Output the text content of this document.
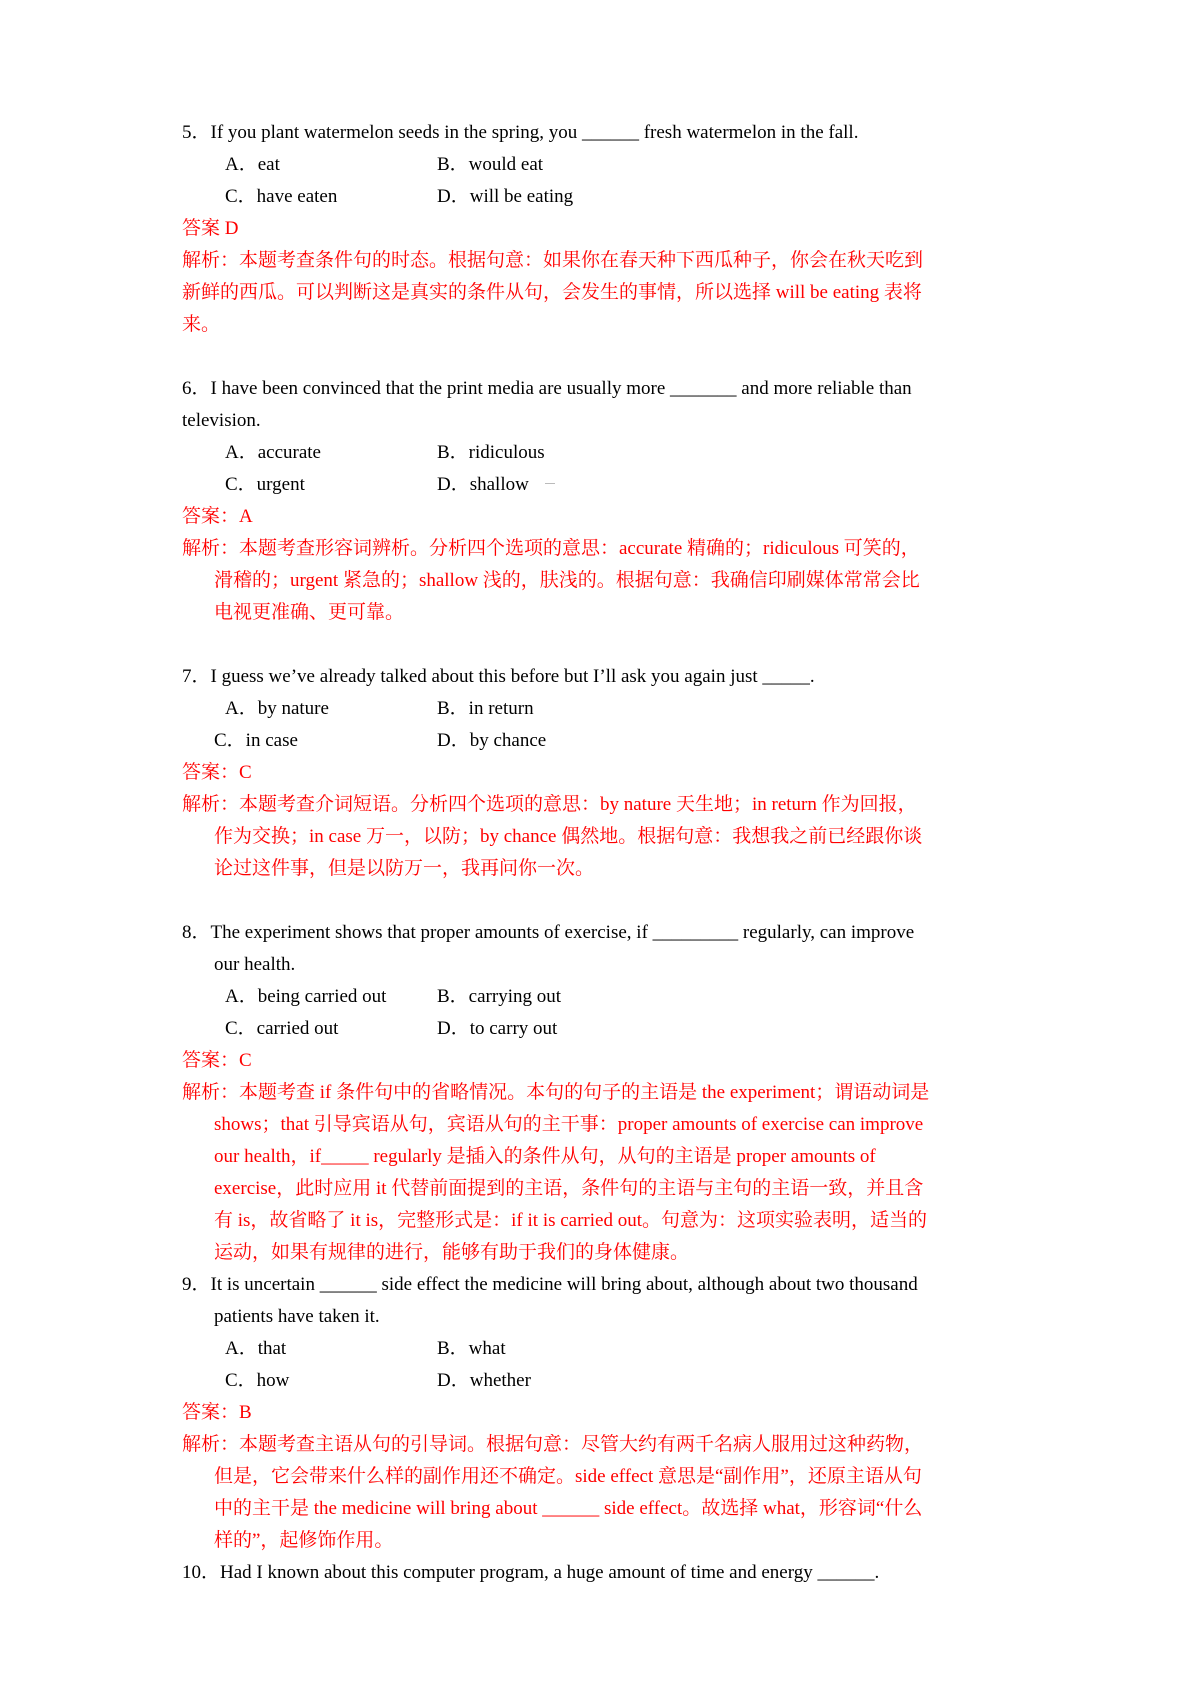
5．If you plant watermelon seeds in the spring, you ______ fresh watermelon in the fall.
A．eat	B．would eat
C．have eaten	D．will be eating
答案 D
解析：本题考查条件句的时态。根据句意：如果你在春天种下西瓜种子，你会在秋天吃到
新鲜的西瓜。可以判断这是真实的条件从句，会发生的事情，所以选择 will be eating 表将
来。
6．I have been convinced that the print media are usually more _______ and more reliable than
television.
A．accurate	B．ridiculous
C．urgent	D．shallow
答案：A
解析：本题考查形容词辨析。分析四个选项的意思：accurate 精确的；ridiculous 可笑的，
滑稽的；urgent 紧急的；shallow 浅的，肤浅的。根据句意：我确信印刷媒体常常会比
电视更准确、更可靠。
7．I guess we’ve already talked about this before but I’ll ask you again just _____.
A．by nature	B．in return
C．in case	D．by chance
答案：C
解析：本题考查介词短语。分析四个选项的意思：by nature 天生地；in return 作为回报，
作为交换；in case 万一，以防；by chance 偶然地。根据句意：我想我之前已经跟你谈
论过这件事，但是以防万一，我再问你一次。
8．The experiment shows that proper amounts of exercise, if _________ regularly, can improve
our health.
A．being carried out	B．carrying out
C．carried out	D．to carry out
答案：C
解析：本题考查 if 条件句中的省略情况。本句的句子的主语是 the experiment；谓语动词是
shows；that 引导宾语从句，宾语从句的主干事：proper amounts of exercise can improve
our health，if_____ regularly 是插入的条件从句，从句的主语是 proper amounts of
exercise，此时应用 it 代替前面提到的主语，条件句的主语与主句的主语一致，并且含
有 is，故省略了 it is，完整形式是：if it is carried out。句意为：这项实验表明，适当的
运动，如果有规律的进行，能够有助于我们的身体健康。
9．It is uncertain ______ side effect the medicine will bring about, although about two thousand
patients have taken it.
A．that	B．what
C．how	D．whether
答案：B
解析：本题考查主语从句的引导词。根据句意：尽管大约有两千名病人服用过这种药物，
但是，它会带来什么样的副作用还不确定。side effect 意思是“副作用”，还原主语从句
中的主干是 the medicine will bring about ______ side effect。故选择 what，形容词“什么
样的”，起修饰作用。
10．Had I known about this computer program, a huge amount of time and energy ______.
